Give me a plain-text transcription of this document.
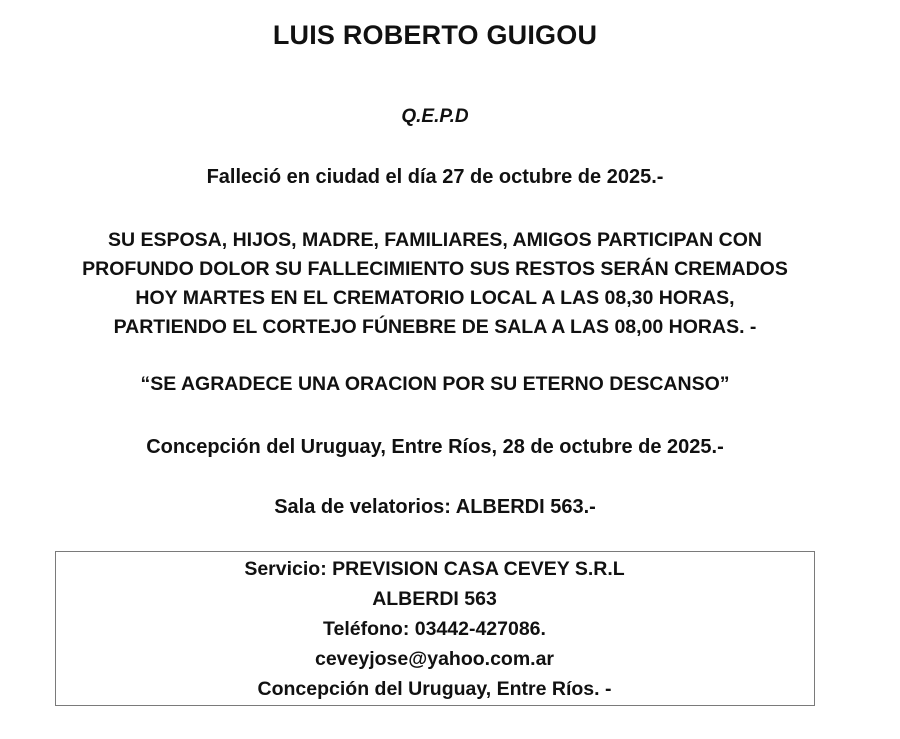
LUIS ROBERTO GUIGOU
Q.E.P.D
Falleció en ciudad el día 27 de octubre de 2025.-
SU ESPOSA, HIJOS, MADRE, FAMILIARES, AMIGOS PARTICIPAN CON
PROFUNDO DOLOR SU FALLECIMIENTO SUS RESTOS SERÁN CREMADOS
HOY MARTES EN EL CREMATORIO LOCAL A LAS 08,30 HORAS,
PARTIENDO EL CORTEJO FÚNEBRE DE SALA A LAS 08,00 HORAS. -
“SE AGRADECE UNA ORACION POR SU ETERNO DESCANSO”
Concepción del Uruguay, Entre Ríos, 28 de octubre de 2025.-
Sala de velatorios: ALBERDI 563.-
Servicio: PREVISION CASA CEVEY S.R.L
ALBERDI 563
Teléfono: 03442-427086.
ceveyjose@yahoo.com.ar
Concepción del Uruguay, Entre Ríos. -
